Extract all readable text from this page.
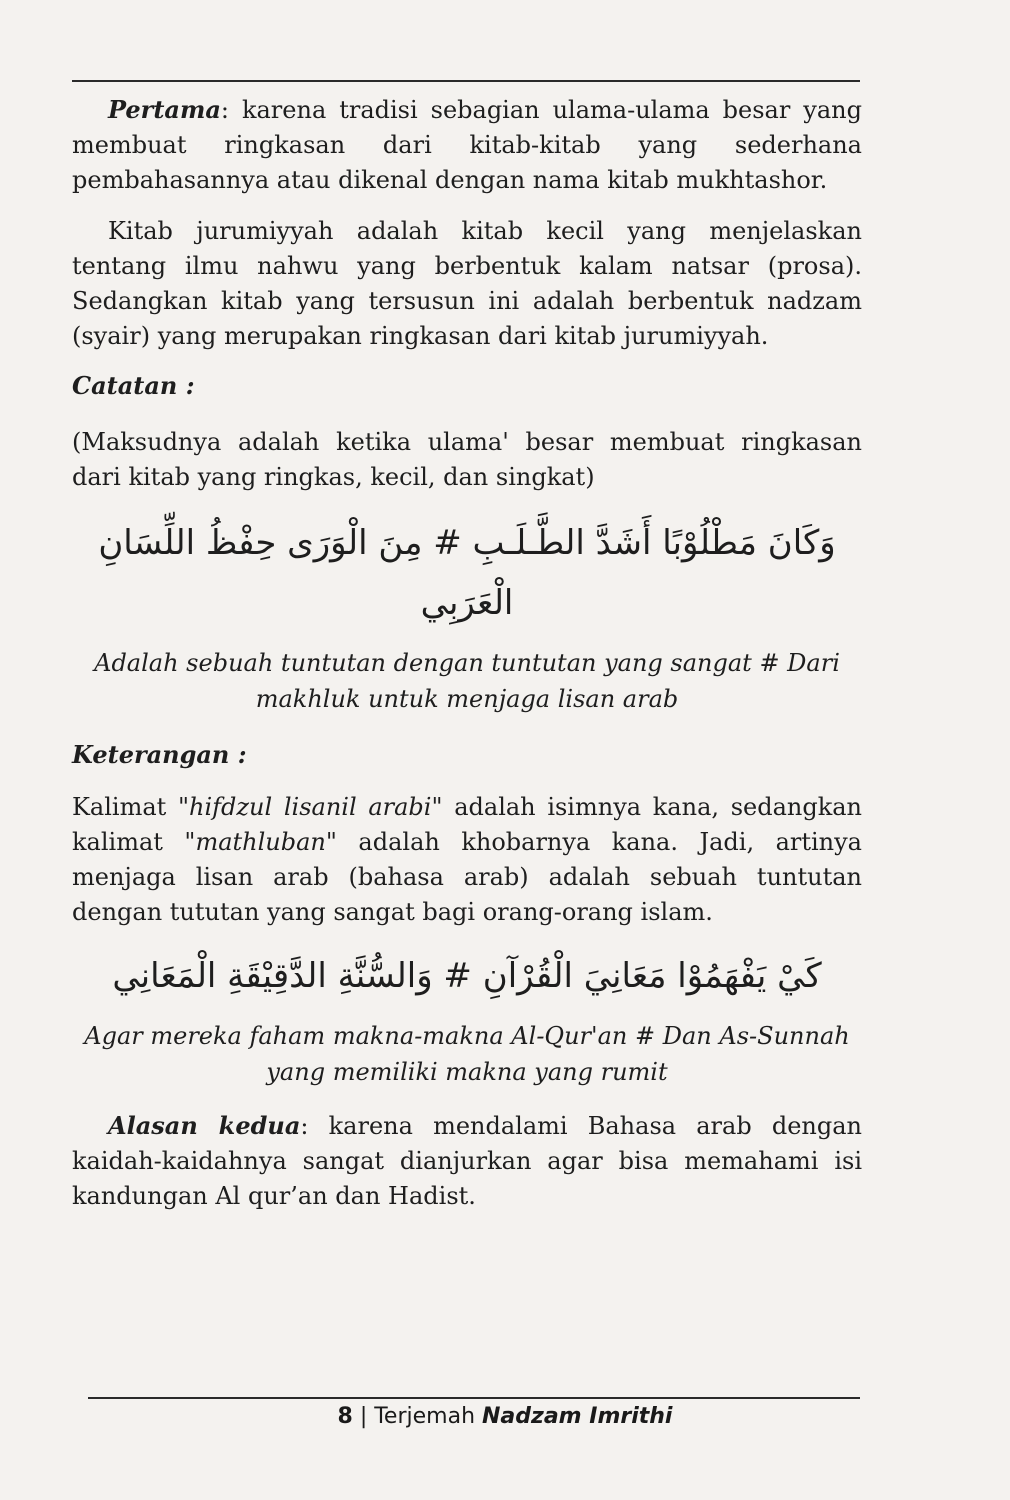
Pertama: karena tradisi sebagian ulama-ulama besar yang membuat ringkasan dari kitab-kitab yang sederhana pembahasannya atau dikenal dengan nama kitab mukhtashor.

Kitab jurumiyyah adalah kitab kecil yang menjelaskan tentang ilmu nahwu yang berbentuk kalam natsar (prosa). Sedangkan kitab yang tersusun ini adalah berbentuk nadzam (syair) yang merupakan ringkasan dari kitab jurumiyyah.

Catatan :

(Maksudnya adalah ketika ulama' besar membuat ringkasan dari kitab yang ringkas, kecil, dan singkat)

وَكَانَ مَطْلُوْبًا أَشَدَّ الطَّـلَـبِ # مِنَ الْوَرَى حِفْظُ اللِّسَانِ الْعَرَبِي
Adalah sebuah tuntutan dengan tuntutan yang sangat # Dari
makhluk untuk menjaga lisan arab
Keterangan :

Kalimat "hifdzul lisanil arabi" adalah isimnya kana, sedangkan kalimat "mathluban" adalah khobarnya kana. Jadi, artinya menjaga lisan arab (bahasa arab) adalah sebuah tuntutan dengan tututan yang sangat bagi orang-orang islam.

كَيْ يَفْهَمُوْا مَعَانِيَ الْقُرْآنِ # وَالسُّنَّةِ الدَّقِيْقَةِ الْمَعَانِي
Agar mereka faham makna-makna Al-Qur'an # Dan As-Sunnah
yang memiliki makna yang rumit

Alasan kedua: karena mendalami Bahasa arab dengan kaidah-kaidahnya sangat dianjurkan agar bisa memahami isi kandungan Al qur’an dan Hadist.

8 | Terjemah Nadzam Imrithi
